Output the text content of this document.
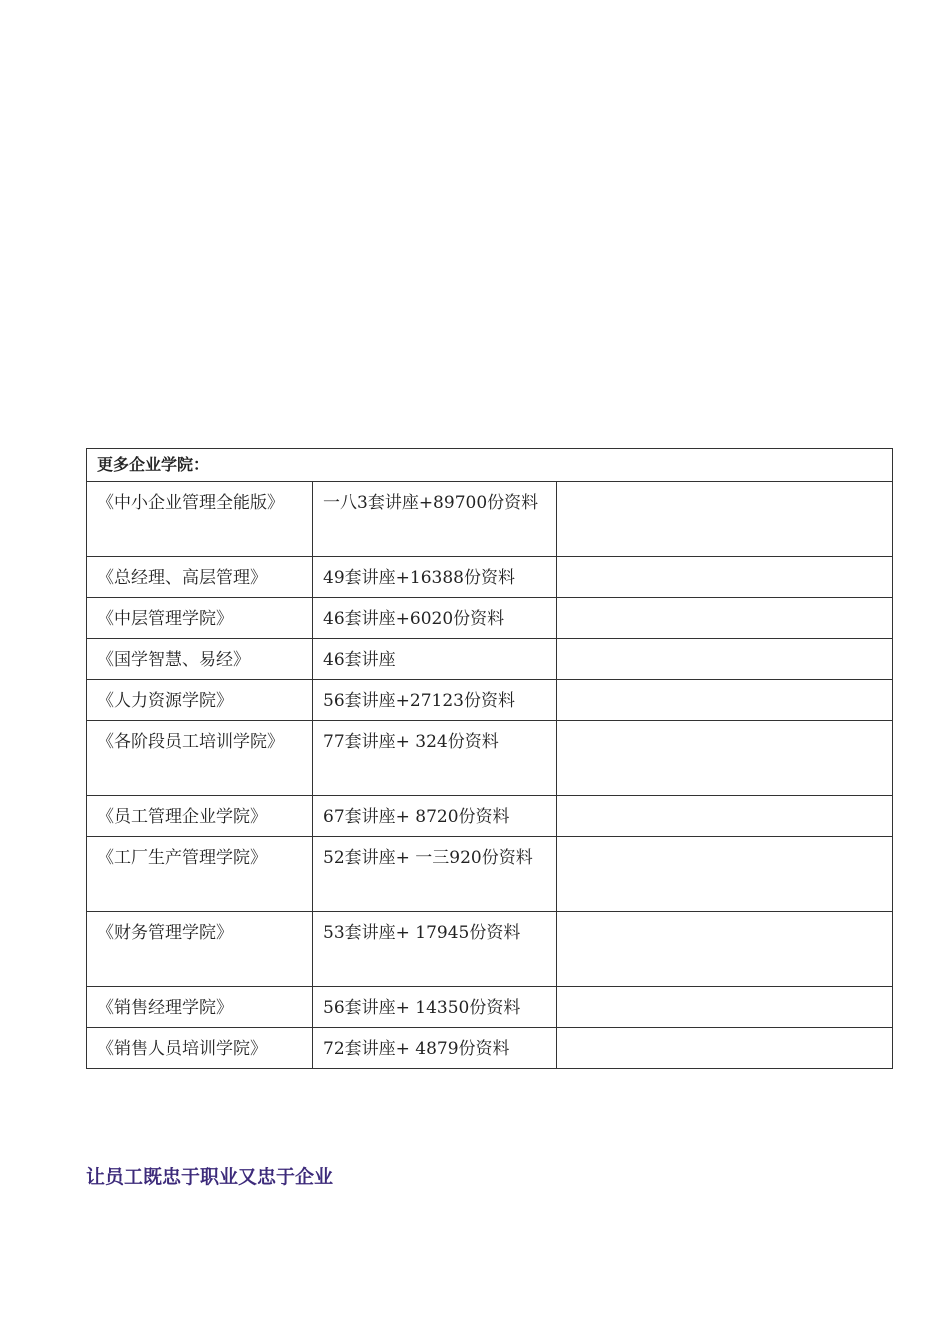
更多企业学院：		
《中小企业管理全能版》	一八3套讲座+89700份资料	
《总经理、高层管理》	49套讲座+16388份资料	
《中层管理学院》	46套讲座+6020份资料	
《国学智慧、易经》	46套讲座	
《人力资源学院》	56套讲座+27123份资料	
《各阶段员工培训学院》	77套讲座+ 324份资料	
《员工管理企业学院》	67套讲座+ 8720份资料	
《工厂生产管理学院》	52套讲座+ 一三920份资料	
《财务管理学院》	53套讲座+ 17945份资料	
《销售经理学院》	56套讲座+ 14350份资料	
《销售人员培训学院》	72套讲座+ 4879份资料	
让员工既忠于职业又忠于企业
